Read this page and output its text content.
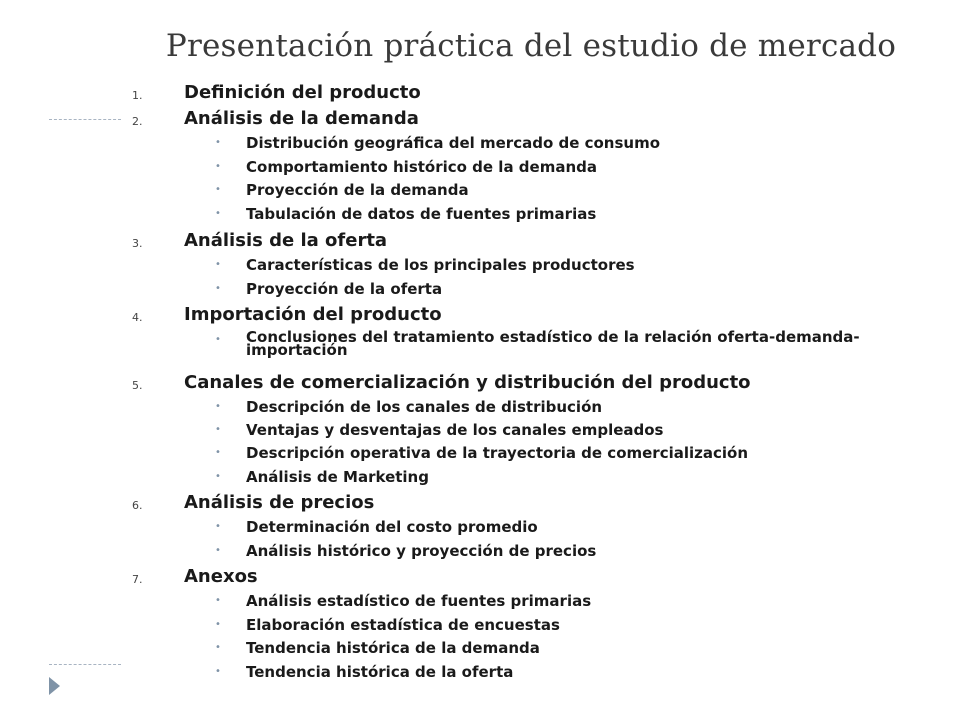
Presentación práctica del estudio de mercado
1. Definición del producto
2. Análisis de la demanda
• Distribución geográfica del mercado de consumo
• Comportamiento histórico de la demanda
• Proyección de la demanda
• Tabulación de datos de fuentes primarias
3. Análisis de la oferta
• Características de los principales productores
• Proyección de la oferta
4. Importación del producto
• Conclusiones del tratamiento estadístico de la relación oferta-demanda-importación
5. Canales de comercialización y distribución del producto
• Descripción de los canales de distribución
• Ventajas y desventajas de los canales empleados
• Descripción operativa de la trayectoria de comercialización
• Análisis de Marketing
6. Análisis de precios
• Determinación del costo promedio
• Análisis histórico y proyección de precios
7. Anexos
• Análisis estadístico de fuentes primarias
• Elaboración estadística de encuestas
• Tendencia histórica de la demanda
• Tendencia histórica de la oferta
